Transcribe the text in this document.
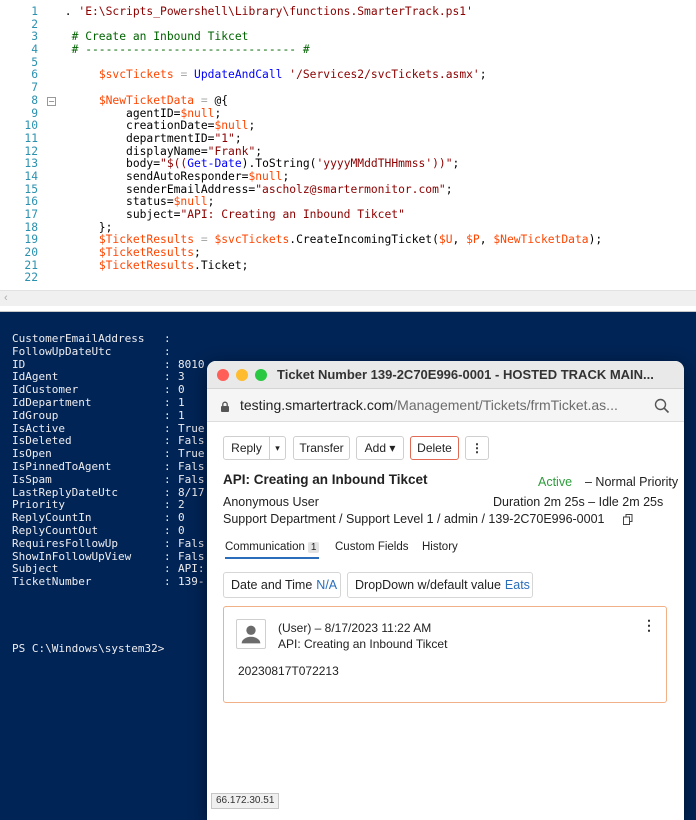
1 . 'E:\Scripts_Powershell\Library\functions.SmarterTrack.ps1'
2
3 # Create an Inbound Tikcet
4 # ------------------------------- #
5
6	$svcTickets = UpdateAndCall '/Services2/svcTickets.asmx';
7
8 −	$NewTicketData = @{
9 agentID=$null;
10 creationDate=$null;
11 departmentID="1";
12 displayName="Frank";
13 body="$((Get-Date).ToString('yyyyMMddTHHmmss'))";
14 sendAutoResponder=$null;
15 senderEmailAddress="ascholz@smartermonitor.com";
16 status=$null;
17 subject="API: Creating an Inbound Tikcet"
18 };
19	$TicketResults = $svcTickets.CreateIncomingTicket($U, $P, $NewTicketData);
20	$TicketResults;
21	$TicketResults.Ticket;
22
‹
CustomerEmailAddress :
FollowUpDateUtc	:
ID	: 8010
IdAgent	: 3
IdCustomer	: 0
IdDepartment	: 1
IdGroup	: 1
IsActive	: True
IsDeleted	: Fals
IsOpen	: True
IsPinnedToAgent	: Fals
IsSpam	: Fals
LastReplyDateUtc	: 8/17
Priority	: 2
ReplyCountIn	: 0
ReplyCountOut	: 0
RequiresFollowUp	: Fals
ShowInFollowUpView	: Fals
Subject	: API:
TicketNumber	: 139-
PS C:\Windows\system32>
Ticket Number 139-2C70E996-0001 - HOSTED TRACK MAIN...
testing.smartertrack.com/Management/Tickets/frmTicket.as...
Reply	▾	Transfer	Add ▾	Delete	⋮
API: Creating an Inbound Tikcet	Active – Normal Priority
Anonymous User	Duration 2m 25s – Idle 2m 25s
Support Department / Support Level 1 / admin / 139-2C70E996-0001
Communication 1 Custom Fields History
Date and Time N/A	DropDown w/default value Eats
(User) – 8/17/2023 11:22 AM
API: Creating an Inbound Tikcet
⋮
20230817T072213
66.172.30.51
